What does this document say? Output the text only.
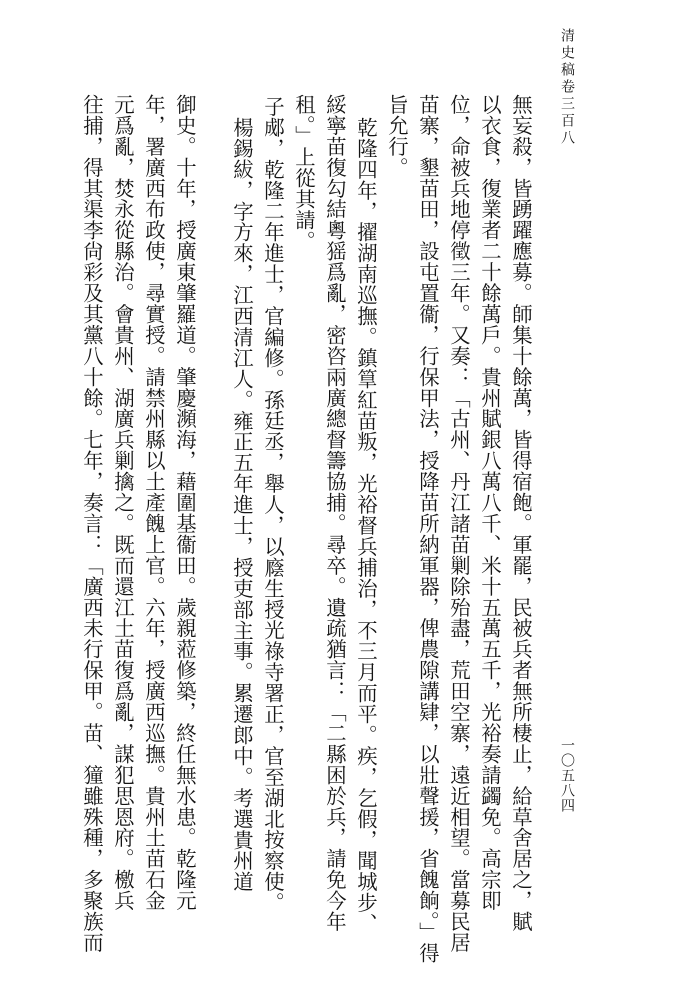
清史稿卷三百八
一〇五八四
無妄殺，皆踴躍應募。師集十餘萬，皆得宿飽。軍罷，民被兵者無所棲止，給草舍居之，賦
以衣食，復業者二十餘萬戶。貴州賦銀八萬八千、米十五萬五千，光裕奏請蠲免。高宗即
位，命被兵地停徵三年。又奏：「古州、丹江諸苗剿除殆盡，荒田空寨，遠近相望。當募民居
苗寨，墾苗田，設屯置衞，行保甲法，授降苗所納軍器，俾農隙講肄，以壯聲援，省餽餉。」得
旨允行。
乾隆四年，擢湖南巡撫。鎮筸紅苗叛，光裕督兵捕治，不三月而平。疾，乞假，聞城步、
綏寧苗復勾結粵猺爲亂，密咨兩廣總督籌協捕。尋卒。遺疏猶言：「二縣困於兵，請免今年
租。」上從其請。
子郕，乾隆二年進士，官編修。孫廷丞，舉人，以廕生授光祿寺署正，官至湖北按察使。
楊錫紱，字方來，江西清江人。雍正五年進士，授吏部主事。累遷郎中。考選貴州道
御史。十年，授廣東肇羅道。肇慶瀕海，藉圍基衞田。歲親蒞修築，終任無水患。乾隆元
年，署廣西布政使，尋實授。請禁州縣以土產餽上官。六年，授廣西巡撫。貴州土苗石金
元爲亂，焚永從縣治。會貴州、湖廣兵剿擒之。既而還江土苗復爲亂，謀犯思恩府。檄兵
往捕，得其渠李尙彩及其黨八十餘。七年，奏言：「廣西未行保甲。苗、獞雖殊種，多聚族而
